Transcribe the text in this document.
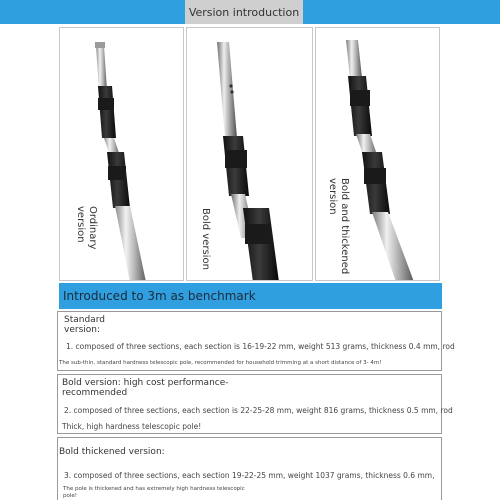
Version introduction
Ordinary
version	Bold version
Bold and thickened
version
Introduced to 3m as benchmark
Standard
version:
1. composed of three sections, each section is 16-19-22 mm, weight 513 grams, thickness 0.4 mm, rod
The sub-thin, standard hardness telescopic pole, recommended for household trimming at a short distance of 3- 4m!
Bold version: high cost performance-
recommended
2. composed of three sections, each section is 22-25-28 mm, weight 816 grams, thickness 0.5 mm, rod
Thick, high hardness telescopic pole!
Bold thickened version:
3. composed of three sections, each section 19-22-25 mm, weight 1037 grams, thickness 0.6 mm,
The pole is thickened and has extremely high hardness telescopic
pole!
